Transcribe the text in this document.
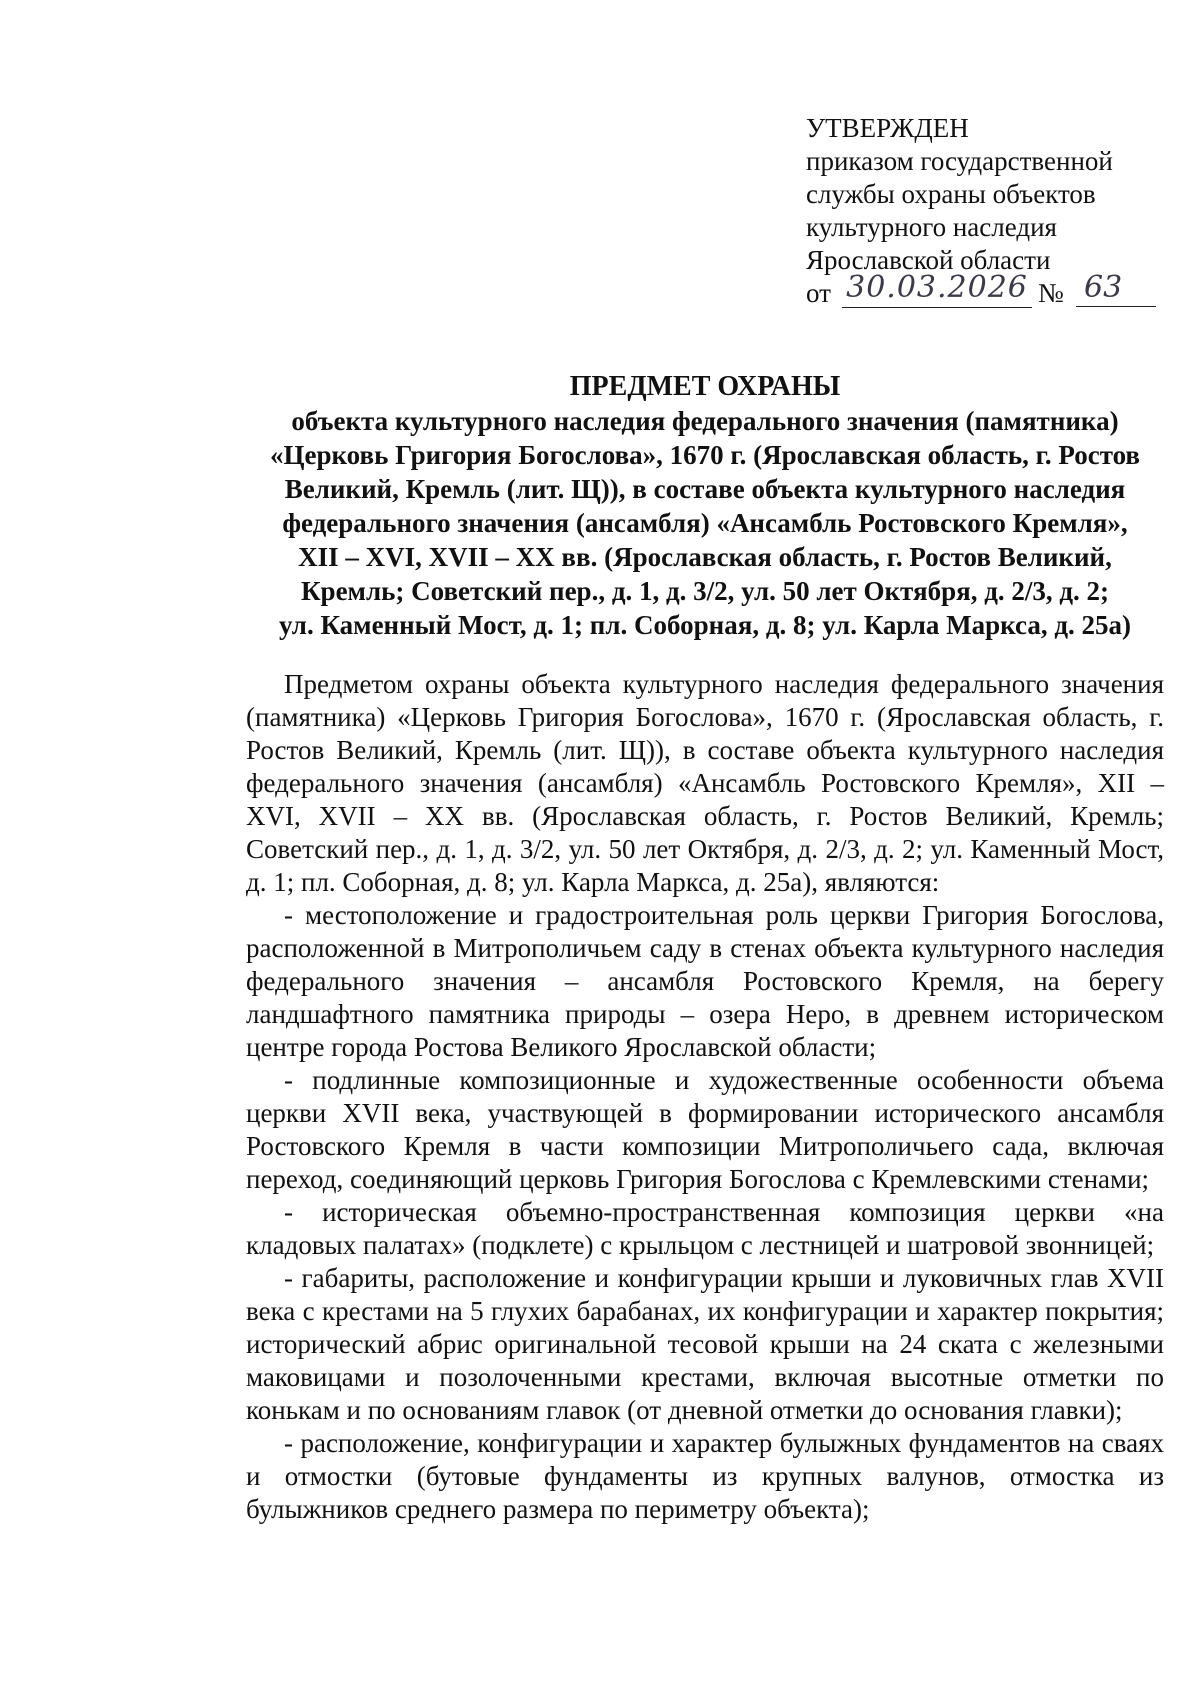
УТВЕРЖДЕН
приказом государственной
службы охраны объектов
культурного наследия
Ярославской области
от 30.03.2026 № 63
ПРЕДМЕТ ОХРАНЫ
объекта культурного наследия федерального значения (памятника)
«Церковь Григория Богослова», 1670 г. (Ярославская область, г. Ростов
Великий, Кремль (лит. Щ)), в составе объекта культурного наследия
федерального значения (ансамбля) «Ансамбль Ростовского Кремля»,
XII – XVI, XVII – XX вв. (Ярославская область, г. Ростов Великий,
Кремль; Советский пер., д. 1, д. 3/2, ул. 50 лет Октября, д. 2/3, д. 2;
ул. Каменный Мост, д. 1; пл. Соборная, д. 8; ул. Карла Маркса, д. 25а)

Предметом охраны объекта культурного наследия федерального значения (памятника) «Церковь Григория Богослова», 1670 г. (Ярославская область, г. Ростов Великий, Кремль (лит. Щ)), в составе объекта культурного наследия федерального значения (ансамбля) «Ансамбль Ростовского Кремля», XII – XVI, XVII – XX вв. (Ярославская область, г. Ростов Великий, Кремль; Советский пер., д. 1, д. 3/2, ул. 50 лет Октября, д. 2/3, д. 2; ул. Каменный Мост, д. 1; пл. Соборная, д. 8; ул. Карла Маркса, д. 25а), являются:

- местоположение и градостроительная роль церкви Григория Богослова, расположенной в Митрополичьем саду в стенах объекта культурного наследия федерального значения – ансамбля Ростовского Кремля, на берегу ландшафтного памятника природы – озера Неро, в древнем историческом центре города Ростова Великого Ярославской области;

- подлинные композиционные и художественные особенности объема церкви XVII века, участвующей в формировании исторического ансамбля Ростовского Кремля в части композиции Митрополичьего сада, включая переход, соединяющий церковь Григория Богослова с Кремлевскими стенами;

- историческая объемно-пространственная композиция церкви «на кладовых палатах» (подклете) с крыльцом с лестницей и шатровой звонницей;

- габариты, расположение и конфигурации крыши и луковичных глав XVII века с крестами на 5 глухих барабанах, их конфигурации и характер покрытия; исторический абрис оригинальной тесовой крыши на 24 ската с железными маковицами и позолоченными крестами, включая высотные отметки по конькам и по основаниям главок (от дневной отметки до основания главки);

- расположение, конфигурации и характер булыжных фундаментов на сваях и отмостки (бутовые фундаменты из крупных валунов, отмостка из булыжников среднего размера по периметру объекта);
